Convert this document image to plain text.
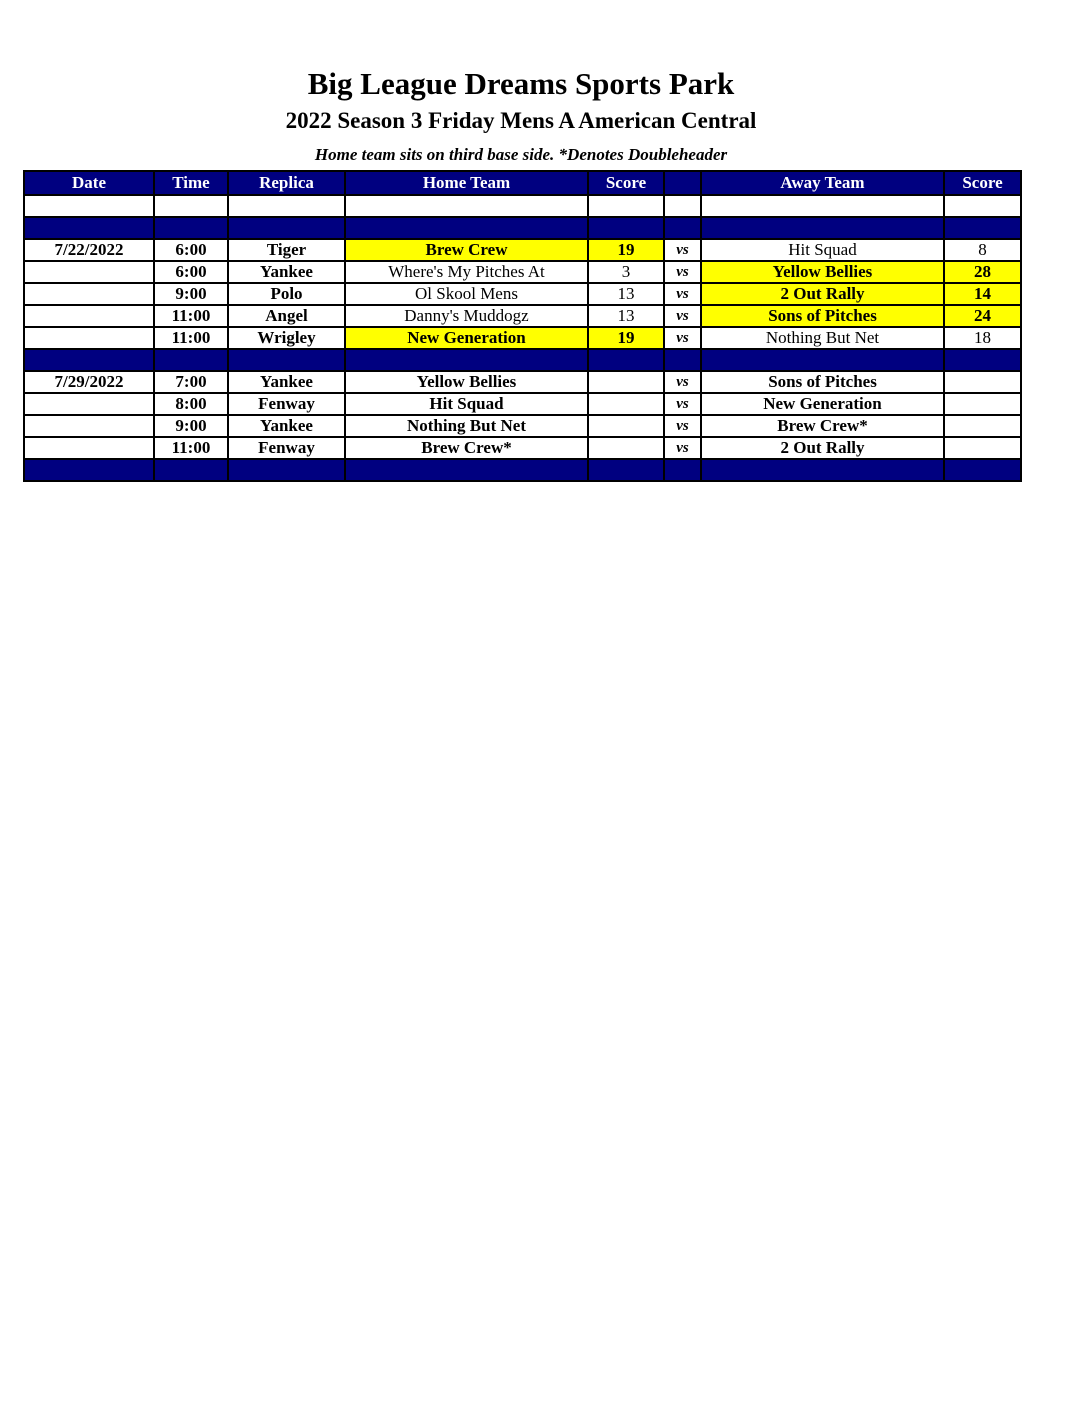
Big League Dreams Sports Park
2022 Season 3 Friday Mens A American Central
Home team sits on third base side. *Denotes Doubleheader
Date	Time	Replica	Home Team	Score		Away Team	Score

7/22/2022	6:00	Tiger	Brew Crew	19	vs	Hit Squad	8
	6:00	Yankee	Where's My Pitches At	3	vs	Yellow Bellies	28
	9:00	Polo	Ol Skool Mens	13	vs	2 Out Rally	14
	11:00	Angel	Danny's Muddogz	13	vs	Sons of Pitches	24
	11:00	Wrigley	New Generation	19	vs	Nothing But Net	18

7/29/2022	7:00	Yankee	Yellow Bellies		vs	Sons of Pitches	
	8:00	Fenway	Hit Squad		vs	New Generation	
	9:00	Yankee	Nothing But Net		vs	Brew Crew*	
	11:00	Fenway	Brew Crew*		vs	2 Out Rally	
